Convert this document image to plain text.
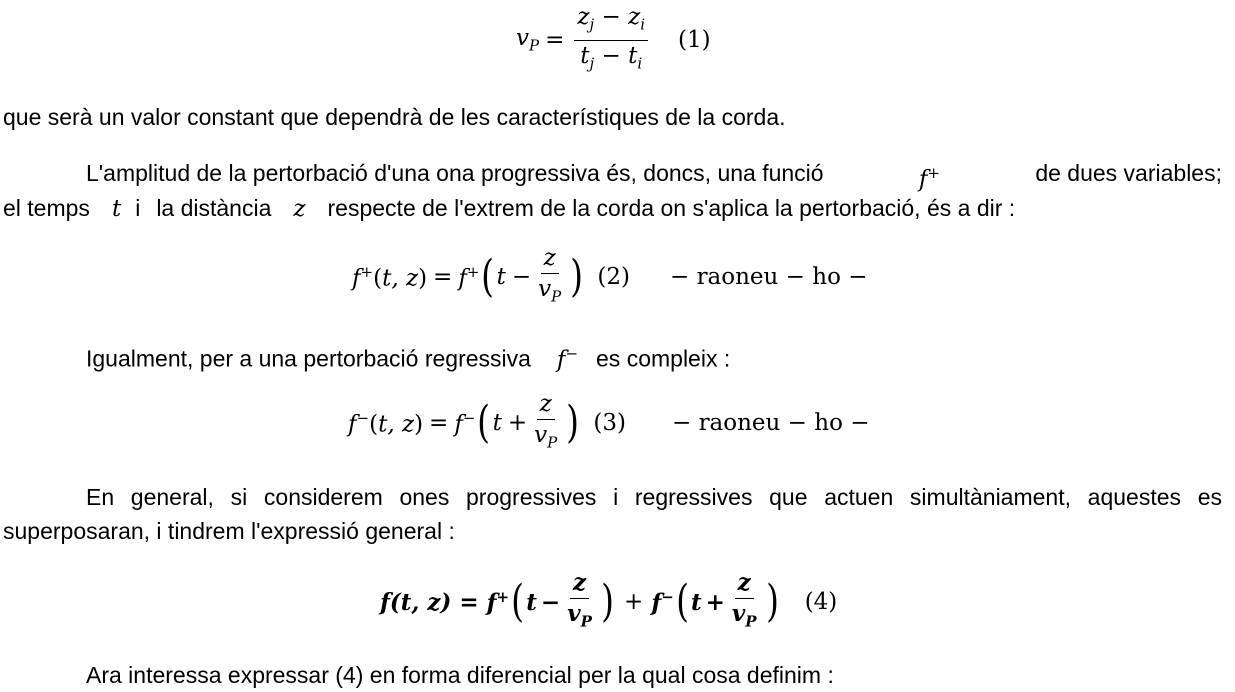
$v_P = \frac{z_j - z_i}{t_j - t_i} (1)$
que serà un valor constant que dependrà de les característiques de la corda.
L'amplitud de la pertorbació d'una ona progressiva és, doncs, una funció	f+	de dues variables;
el temps t i la distància z respecte de l'extrem de la corda on s'aplica la pertorbació, és a dir :
f+(t, z) = f+ ( $t - \frac{z}{v_P}$ ) (2) − raoneu − ho −
Igualment, per a una pertorbació regressiva f− es compleix :
f−(t, z) = f− ( $t + \frac{z}{v_P}$ ) (3) − raoneu − ho −
En general, si considerem ones progressives i regressives que actuen simultàniament, aquestes es
superposaran, i tindrem l'expressió general :
f(t, z) = f+ ( $t - \frac{z}{v_P}$ ) + f− ( $t + \frac{z}{v_P}$ ) (4)
Ara interessa expressar (4) en forma diferencial per la qual cosa definim :
